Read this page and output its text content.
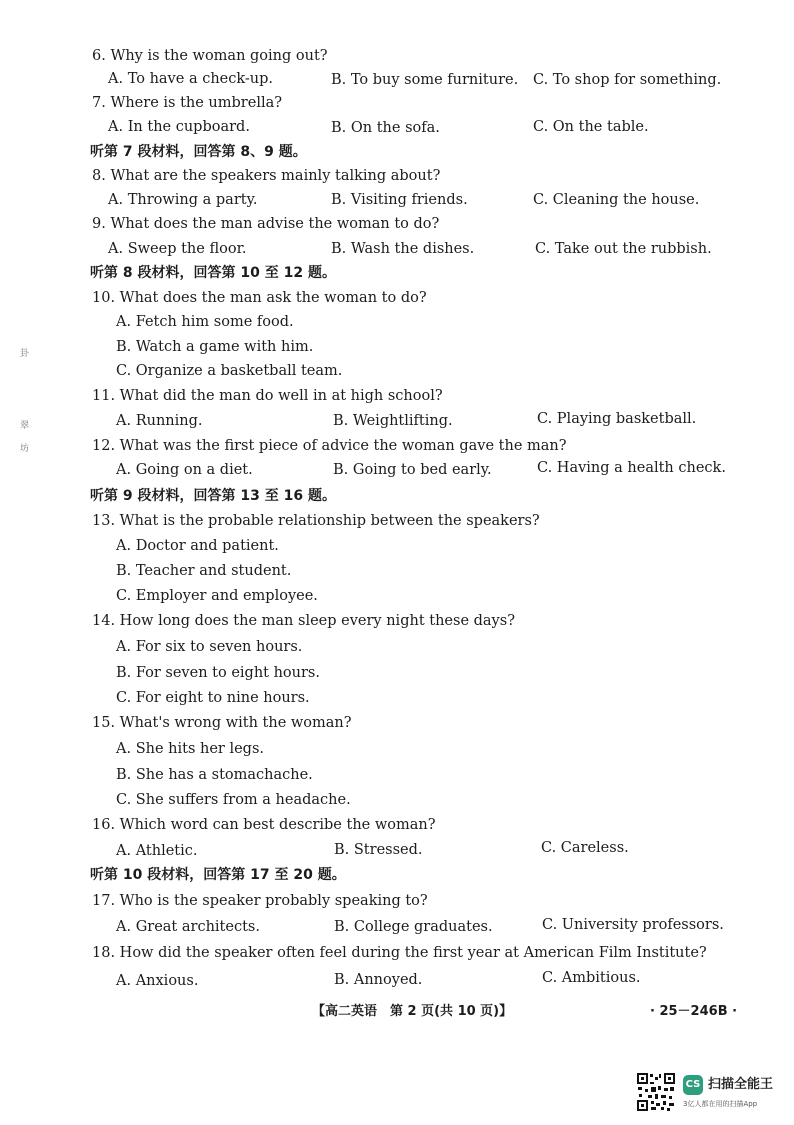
6. Why is the woman going out?
A. To have a check-up.	B. To buy some furniture. C. To shop for something.
7. Where is the umbrella?
A. In the cupboard.	B. On the sofa.	C. On the table.
听第 7 段材料，回答第 8、9 题。
8. What are the speakers mainly talking about?
A. Throwing a party.	B. Visiting friends.	C. Cleaning the house.
9. What does the man advise the woman to do?
A. Sweep the floor.	B. Wash the dishes.	C. Take out the rubbish.
听第 8 段材料，回答第 10 至 12 题。
10. What does the man ask the woman to do?
A. Fetch him some food.
B. Watch a game with him.
C. Organize a basketball team.
11. What did the man do well in at high school?
A. Running.	B. Weightlifting.	C. Playing basketball.
12. What was the first piece of advice the woman gave the man?
A. Going on a diet.	B. Going to bed early.	C. Having a health check.
听第 9 段材料，回答第 13 至 16 题。
13. What is the probable relationship between the speakers?
A. Doctor and patient.
B. Teacher and student.
C. Employer and employee.
14. How long does the man sleep every night these days?
A. For six to seven hours.
B. For seven to eight hours.
C. For eight to nine hours.
15. What's wrong with the woman?
A. She hits her legs.
B. She has a stomachache.
C. She suffers from a headache.
16. Which word can best describe the woman?
A. Athletic.	B. Stressed.	C. Careless.
听第 10 段材料，回答第 17 至 20 题。
17. Who is the speaker probably speaking to?
A. Great architects.	B. College graduates.	C. University professors.
18. How did the speaker often feel during the first year at American Film Institute?
A. Anxious.	B. Annoyed.	C. Ambitious.
【高二英语　第 2 页(共 10 页)】	· 25－246B ·
卦
翠
坊
CS 扫描全能王
3亿人都在用的扫描App
